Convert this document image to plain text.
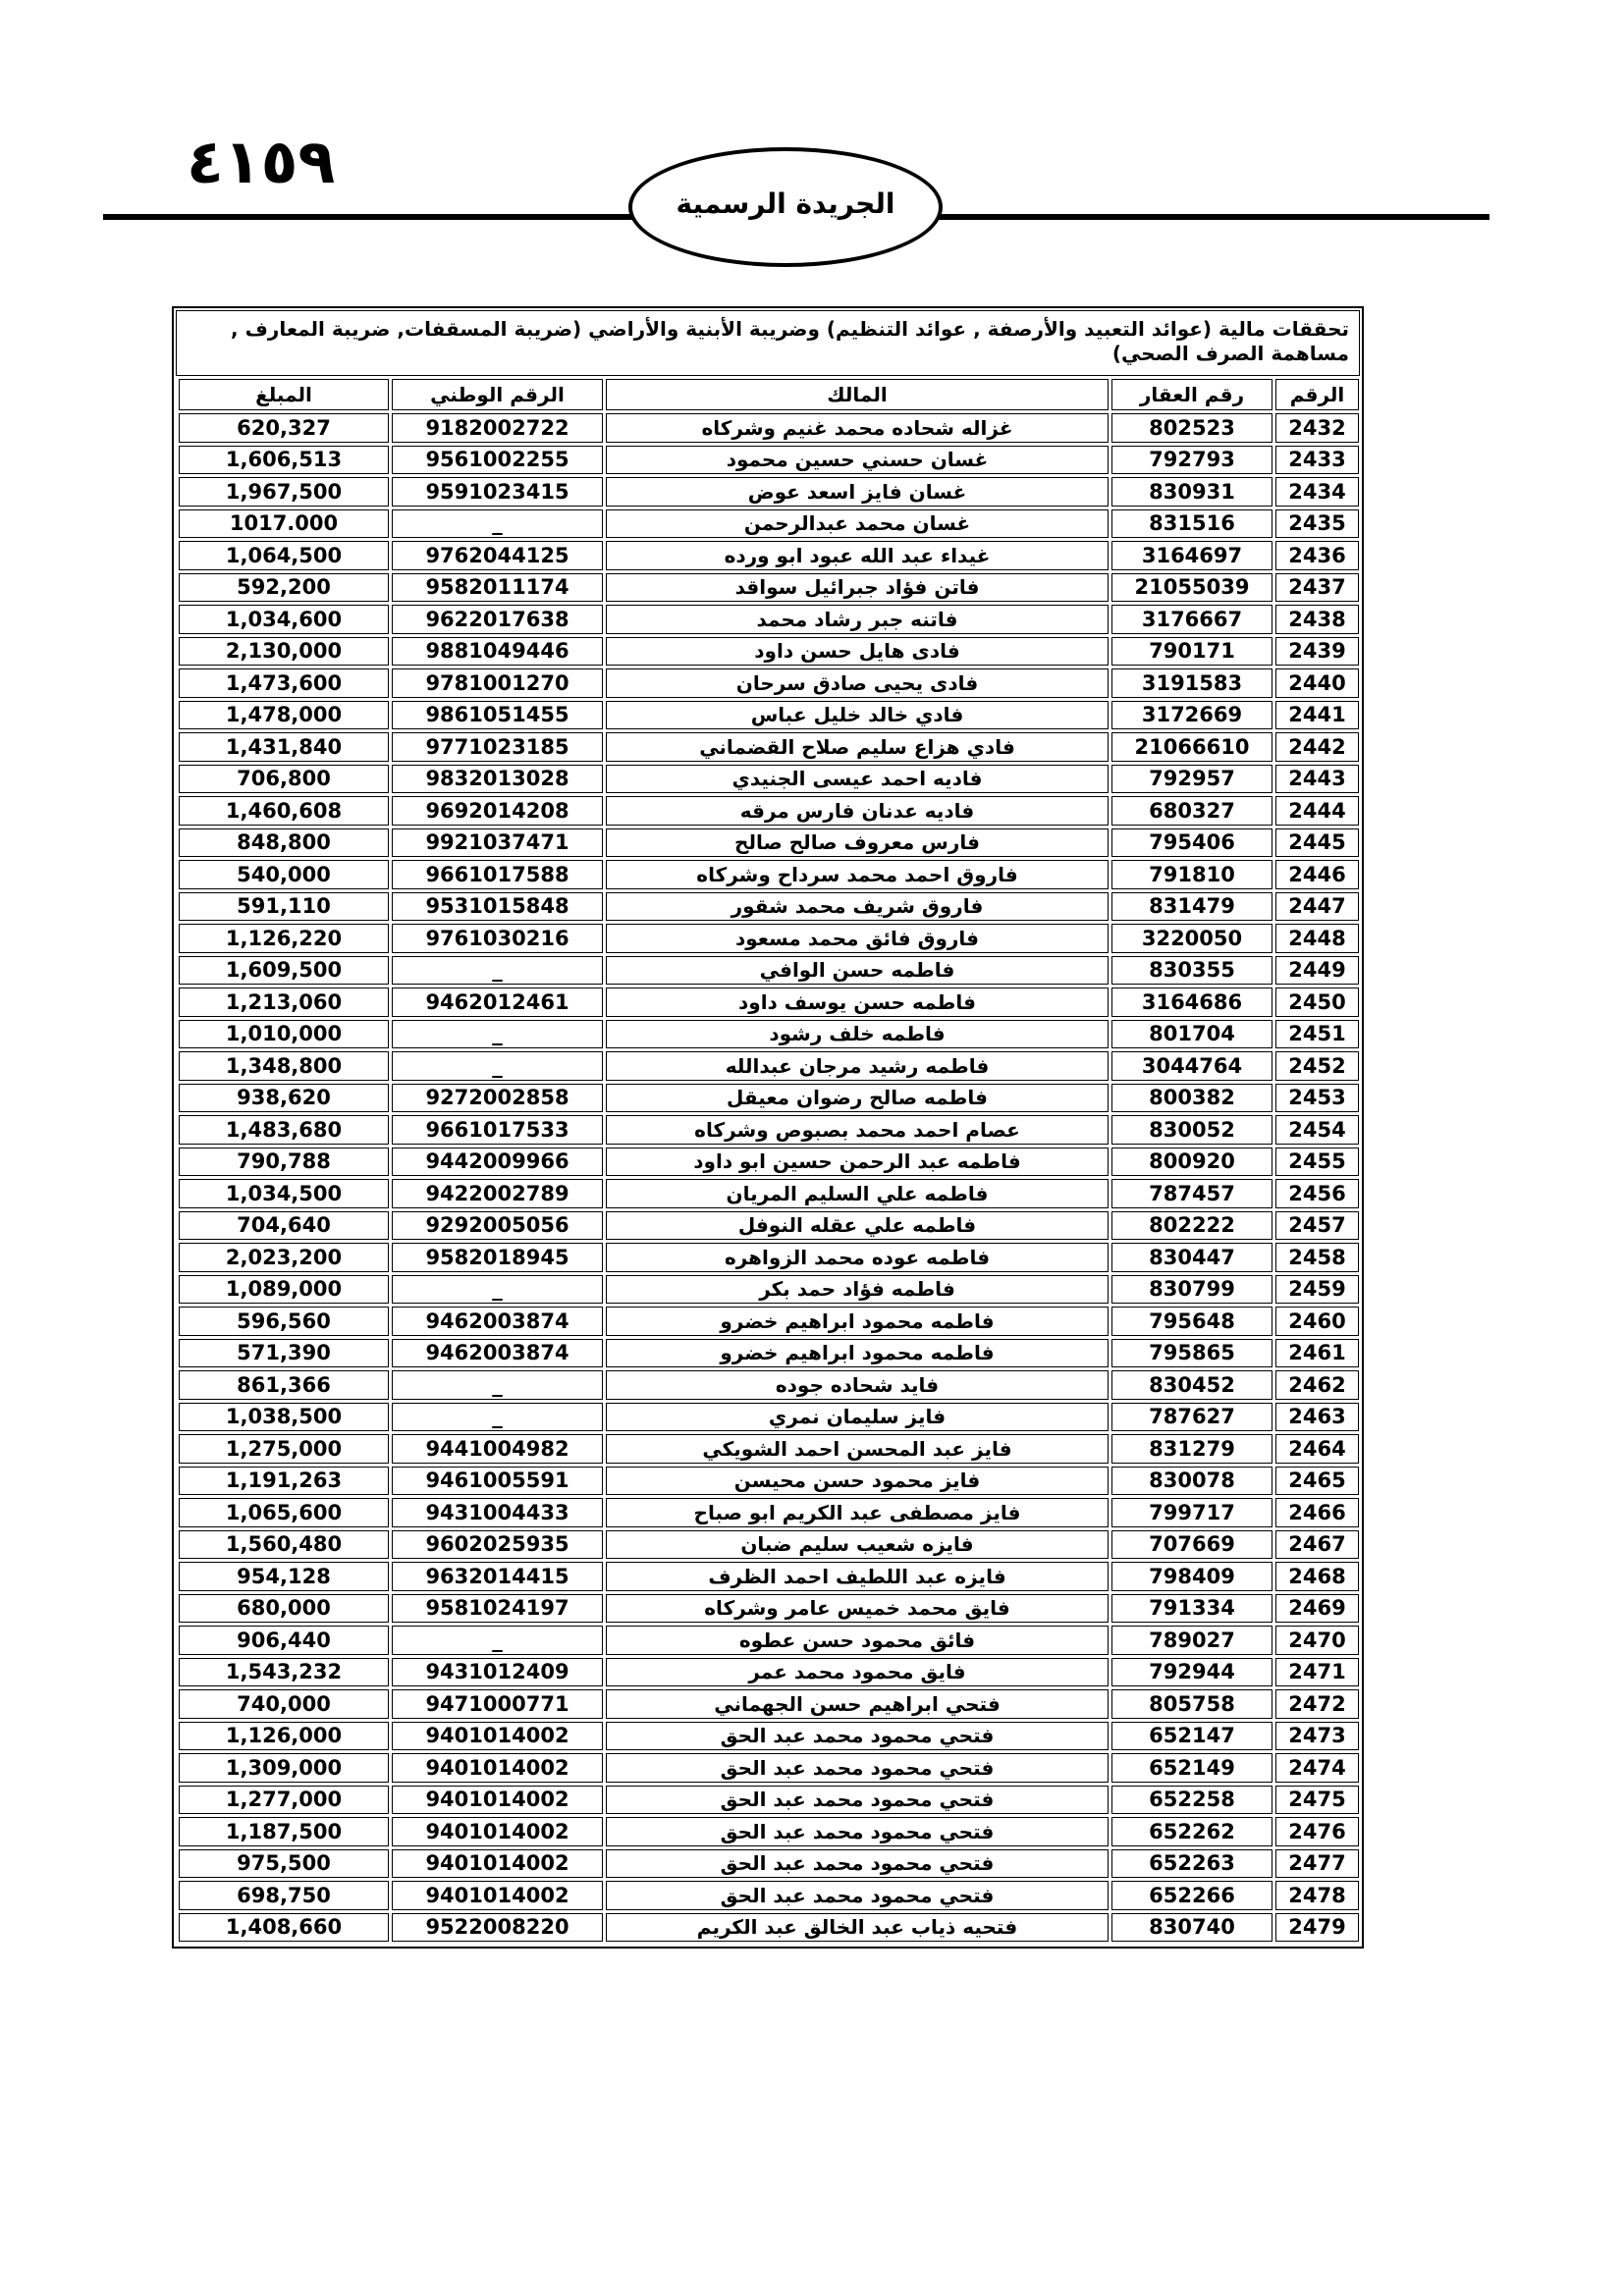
٤١٥٩
الجريدة الرسمية
تحققات مالية (عوائد التعبيد والأرصفة , عوائد التنظيم) وضريبة الأبنية والأراضي (ضريبة المسقفات, ضريبة المعارف , مساهمة الصرف الصحي)
الرقم	رقم العقار	المالك	الرقم الوطني	المبلغ
2432	802523	غزاله شحاده محمد غنيم وشركاه	9182002722	620,327
2433	792793	غسان حسني حسين محمود	9561002255	1,606,513
2434	830931	غسان فايز اسعد عوض	9591023415	1,967,500
2435	831516	غسان محمد عبدالرحمن	_	1017.000
2436	3164697	غيداء عبد الله عبود ابو ورده	9762044125	1,064,500
2437	21055039	فاتن فؤاد جبرائيل سواقد	9582011174	592,200
2438	3176667	فاتنه جبر رشاد محمد	9622017638	1,034,600
2439	790171	فادى هايل حسن داود	9881049446	2,130,000
2440	3191583	فادى يحيى صادق سرحان	9781001270	1,473,600
2441	3172669	فادي خالد خليل عباس	9861051455	1,478,000
2442	21066610	فادي هزاع سليم صلاح القضماني	9771023185	1,431,840
2443	792957	فاديه احمد عيسى الجنيدي	9832013028	706,800
2444	680327	فاديه عدنان فارس مرقه	9692014208	1,460,608
2445	795406	فارس معروف صالح صالح	9921037471	848,800
2446	791810	فاروق احمد محمد سرداح وشركاه	9661017588	540,000
2447	831479	فاروق شريف محمد شقور	9531015848	591,110
2448	3220050	فاروق فائق محمد مسعود	9761030216	1,126,220
2449	830355	فاطمه حسن الوافي	_	1,609,500
2450	3164686	فاطمه حسن يوسف داود	9462012461	1,213,060
2451	801704	فاطمه خلف رشود	_	1,010,000
2452	3044764	فاطمه رشيد مرجان عبدالله	_	1,348,800
2453	800382	فاطمه صالح رضوان معيقل	9272002858	938,620
2454	830052	عصام احمد محمد بصبوص وشركاه	9661017533	1,483,680
2455	800920	فاطمه عبد الرحمن حسين ابو داود	9442009966	790,788
2456	787457	فاطمه علي السليم المريان	9422002789	1,034,500
2457	802222	فاطمه علي عقله النوفل	9292005056	704,640
2458	830447	فاطمه عوده محمد الزواهره	9582018945	2,023,200
2459	830799	فاطمه فؤاد حمد بكر	_	1,089,000
2460	795648	فاطمه محمود ابراهيم خضرو	9462003874	596,560
2461	795865	فاطمه محمود ابراهيم خضرو	9462003874	571,390
2462	830452	فايد شحاده جوده	_	861,366
2463	787627	فايز سليمان نمري	_	1,038,500
2464	831279	فايز عبد المحسن احمد الشويكي	9441004982	1,275,000
2465	830078	فايز محمود حسن محيسن	9461005591	1,191,263
2466	799717	فايز مصطفى عبد الكريم ابو صباح	9431004433	1,065,600
2467	707669	فايزه شعيب سليم ضبان	9602025935	1,560,480
2468	798409	فايزه عبد اللطيف احمد الظرف	9632014415	954,128
2469	791334	فايق محمد خميس عامر وشركاه	9581024197	680,000
2470	789027	فائق محمود حسن عطوه	_	906,440
2471	792944	فايق محمود محمد عمر	9431012409	1,543,232
2472	805758	فتحي ابراهيم حسن الجهماني	9471000771	740,000
2473	652147	فتحي محمود محمد عبد الحق	9401014002	1,126,000
2474	652149	فتحي محمود محمد عبد الحق	9401014002	1,309,000
2475	652258	فتحي محمود محمد عبد الحق	9401014002	1,277,000
2476	652262	فتحي محمود محمد عبد الحق	9401014002	1,187,500
2477	652263	فتحي محمود محمد عبد الحق	9401014002	975,500
2478	652266	فتحي محمود محمد عبد الحق	9401014002	698,750
2479	830740	فتحيه ذياب عبد الخالق عبد الكريم	9522008220	1,408,660
